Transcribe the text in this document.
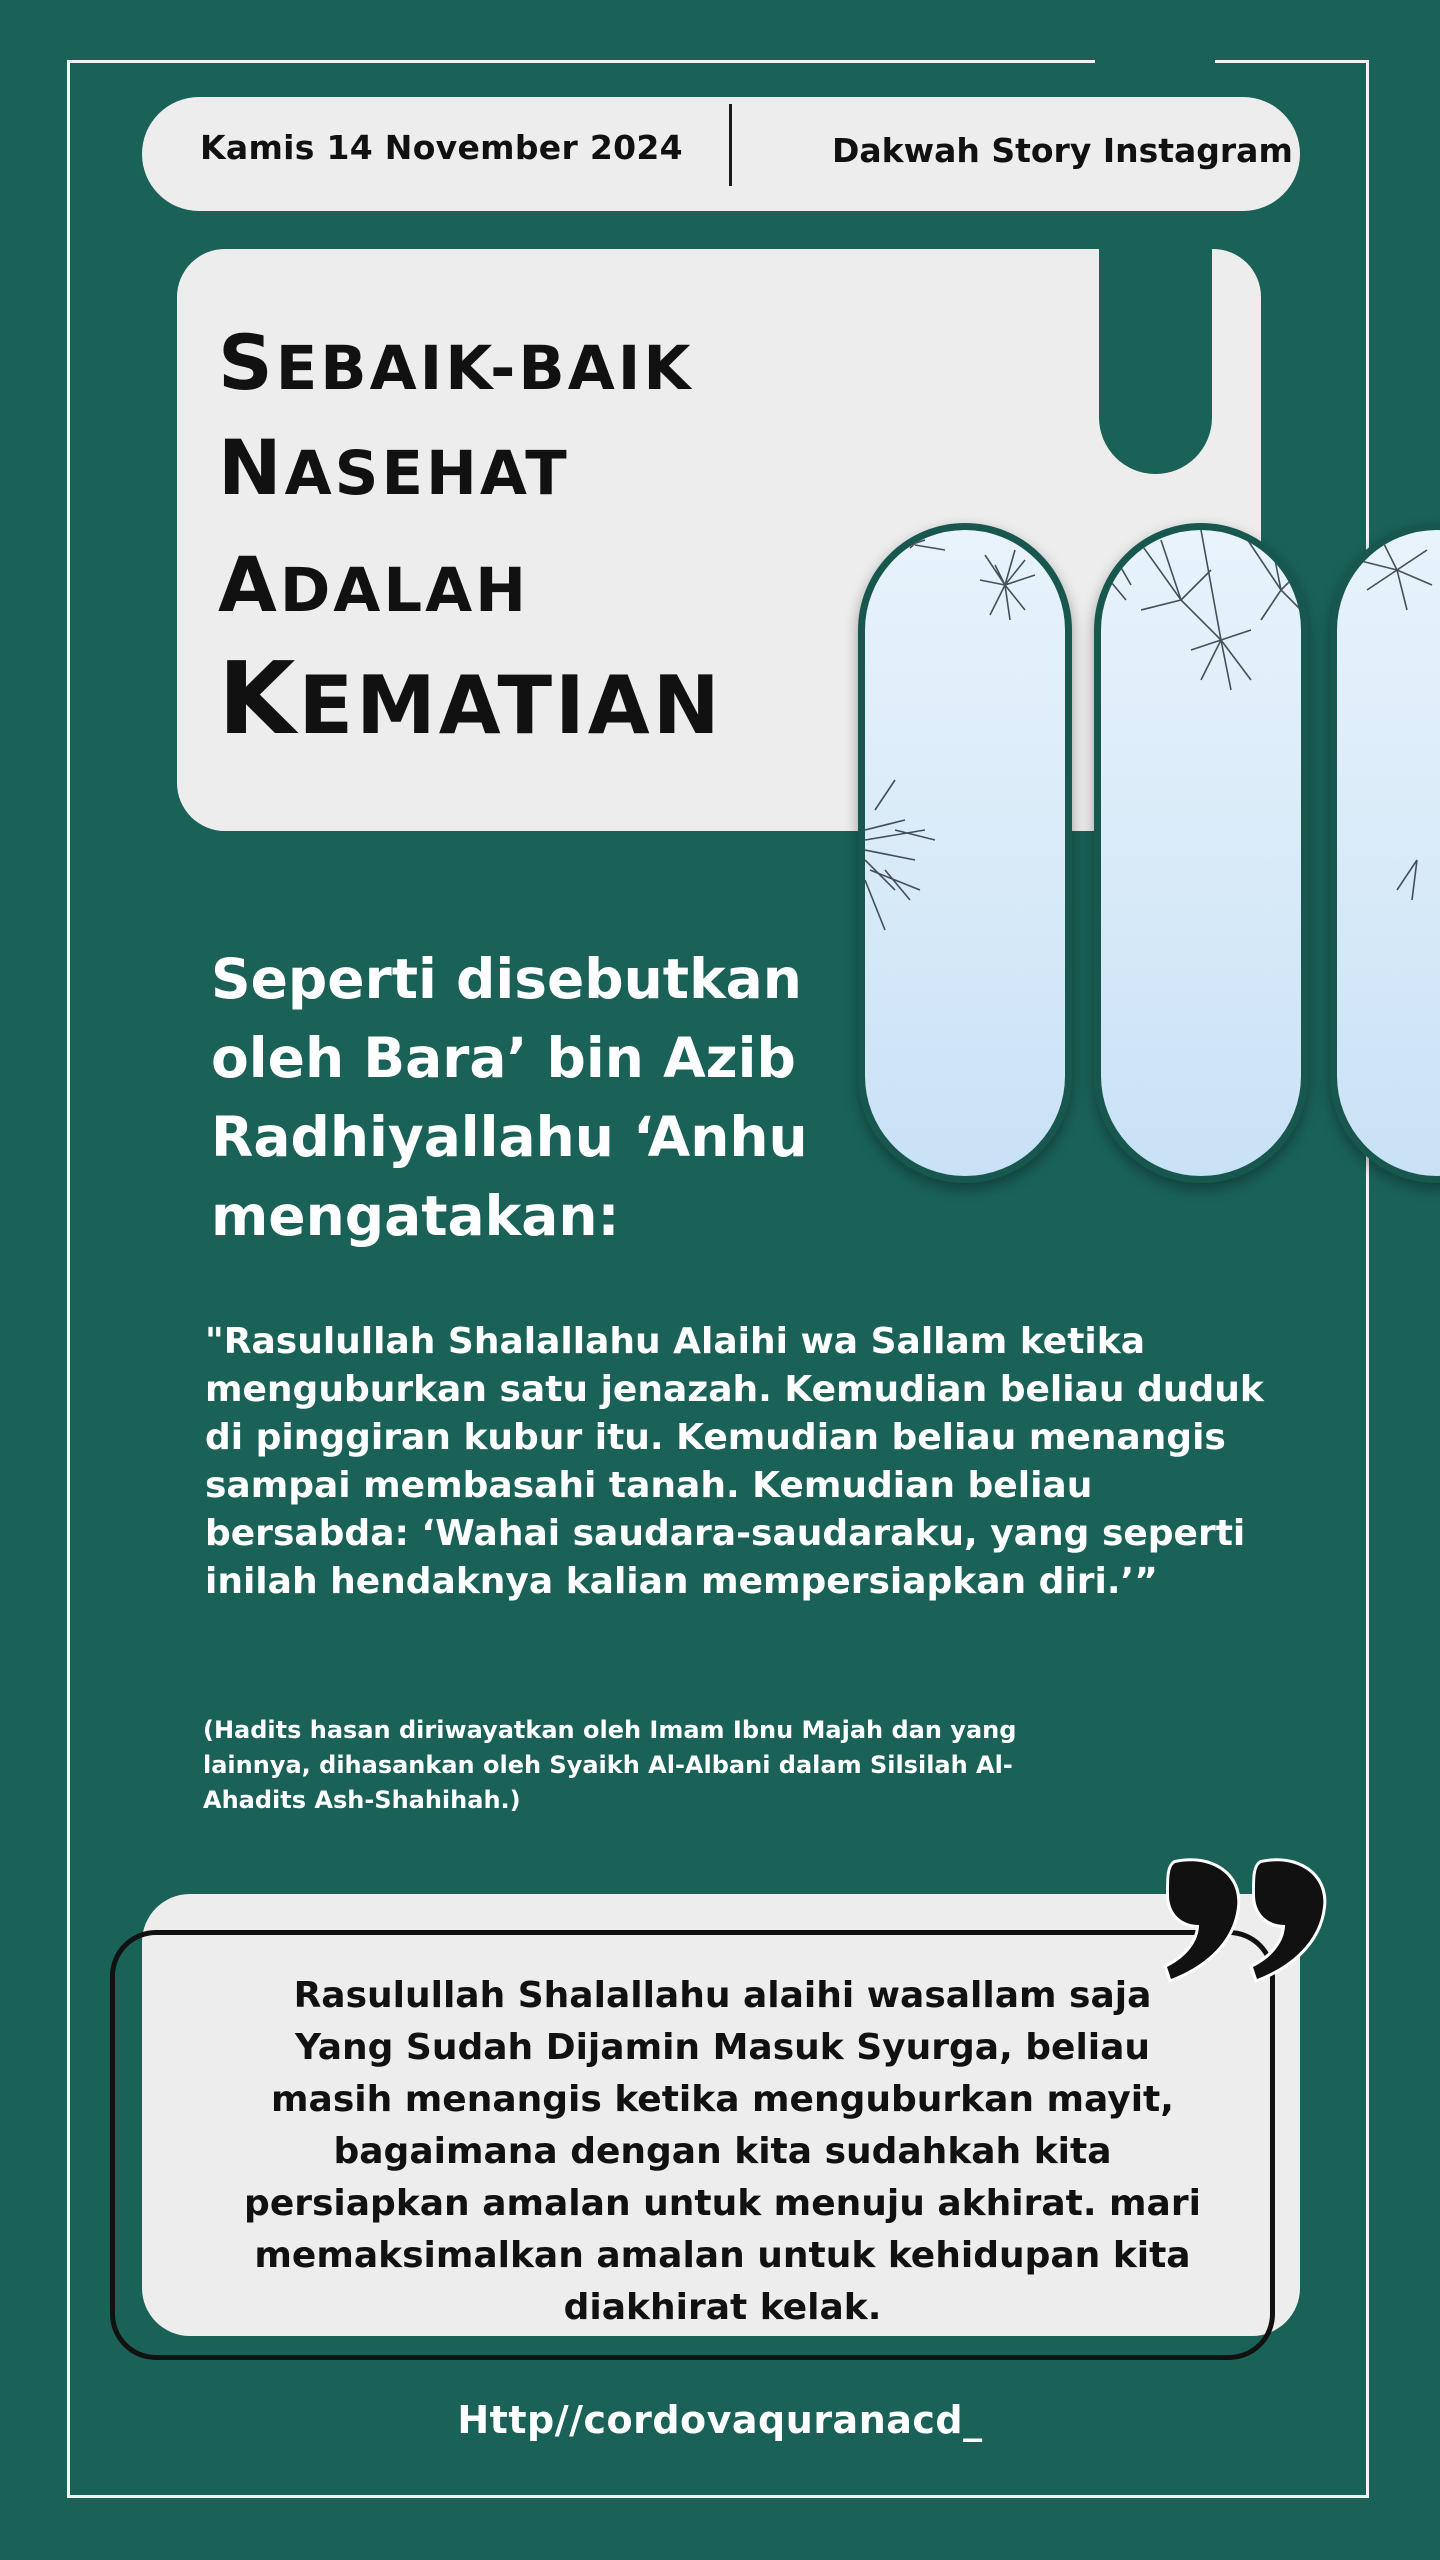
Kamis 14 November 2024	Dakwah Story Instagram
SEBAIK-BAIK
NASEHAT
ADALAH
KEMATIAN

Seperti disebutkan oleh Bara’ bin Azib Radhiyallahu ‘Anhu mengatakan:

"Rasulullah Shalallahu Alaihi wa Sallam ketika menguburkan satu jenazah. Kemudian beliau duduk di pinggiran kubur itu. Kemudian beliau menangis sampai membasahi tanah. Kemudian beliau bersabda: ‘Wahai saudara-saudaraku, yang seperti inilah hendaknya kalian mempersiapkan diri.’”

(Hadits hasan diriwayatkan oleh Imam Ibnu Majah dan yang lainnya, dihasankan oleh Syaikh Al-Albani dalam Silsilah Al-Ahadits Ash-Shahihah.)

Rasulullah Shalallahu alaihi wasallam saja Yang Sudah Dijamin Masuk Syurga, beliau masih menangis ketika menguburkan mayit, bagaimana dengan kita sudahkah kita persiapkan amalan untuk menuju akhirat. mari memaksimalkan amalan untuk kehidupan kita diakhirat kelak.

Http//cordovaquranacd_
